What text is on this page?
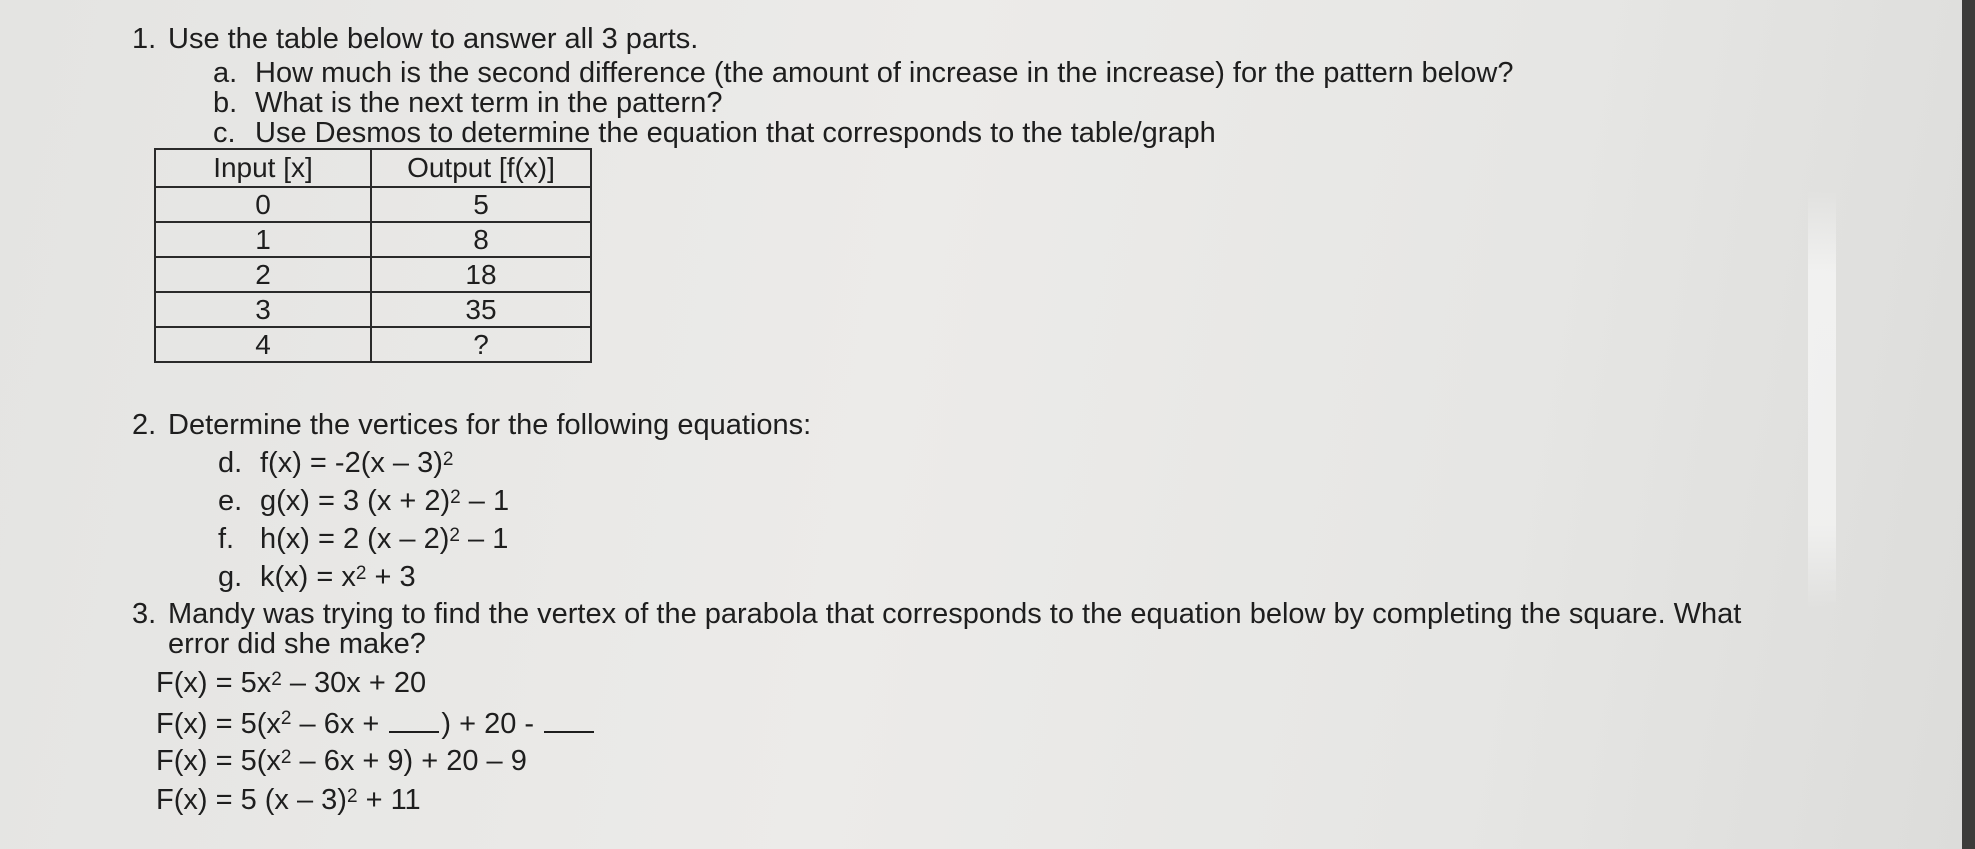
1. Use the table below to answer all 3 parts.
a. How much is the second difference (the amount of increase in the increase) for the pattern below?
b. What is the next term in the pattern?
c. Use Desmos to determine the equation that corresponds to the table/graph
Input [x]	Output [f(x)]
0	5
1	8
2	18
3	35
4	?
2. Determine the vertices for the following equations:
d. f(x) = -2(x – 3)$^2$
e. g(x) = 3 $(x + 2)^2 - 1$
f. h(x) = 2 (x – 2)$^2$ – 1
g. $k(x) = x^2 + 3$
3. Mandy was trying to find the vertex of the parabola that corresponds to the equation below by completing the square. What
error did she make?
$F(x) = 5x^2 - 30x + 20$
$F(x) = 5(x^2 - 6x$ + ) + 20 -
$F(x) = 5(x^2 - 6x + 9) + 20 - 9$
F(x) = 5 (x – 3)$^2$ + 11
